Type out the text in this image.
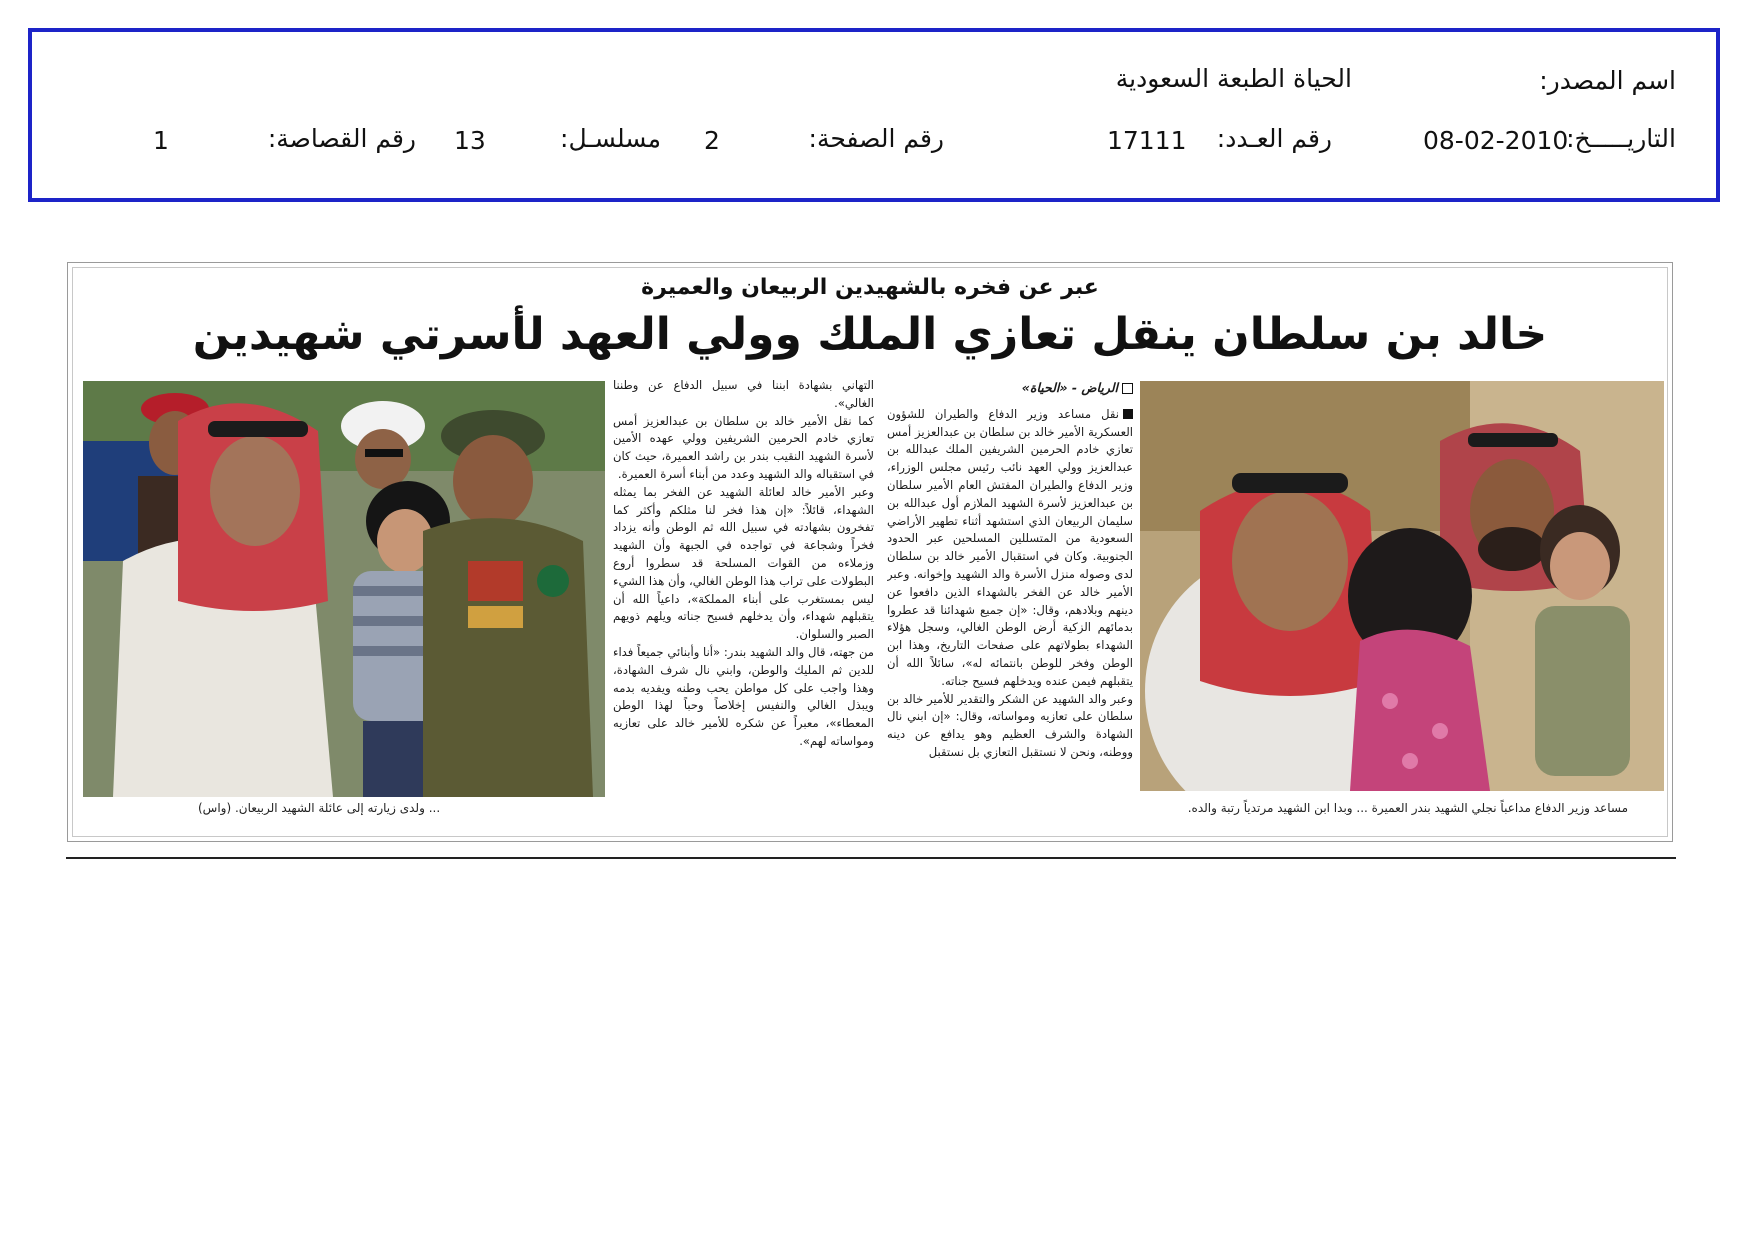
اسم المصدر:
الحياة الطبعة السعودية
التاريـــــخ:
08-02-2010
رقم العـدد:
17111
رقم الصفحة:
2
مسلسـل:
13
رقم القصاصة:
1
عبر عن فخره بالشهيدين الربيعان والعميرة
خالد بن سلطان ينقل تعازي الملك وولي العهد لأسرتي شهيدين
مساعد وزير الدفاع مداعباً نجلي الشهيد بندر العميرة ... وبدا ابن الشهيد مرتدياً رتبة والده.

الرياض - «الحياة»

نقل مساعد وزير الدفاع والطيران للشؤون العسكرية الأمير خالد بن سلطان بن عبدالعزيز أمس تعازي خادم الحرمين الشريفين الملك عبدالله بن عبدالعزيز وولي العهد نائب رئيس مجلس الوزراء، وزير الدفاع والطيران المفتش العام الأمير سلطان بن عبدالعزيز لأسرة الشهيد الملازم أول عبدالله بن سليمان الربيعان الذي استشهد أثناء تطهير الأراضي السعودية من المتسللين المسلحين عبر الحدود الجنوبية. وكان في استقبال الأمير خالد بن سلطان لدى وصوله منزل الأسرة والد الشهيد وإخوانه. وعبر الأمير خالد عن الفخر بالشهداء الذين دافعوا عن دينهم وبلادهم، وقال: «إن جميع شهدائنا قد عطروا بدمائهم الزكية أرض الوطن الغالي، وسجل هؤلاء الشهداء بطولاتهم على صفحات التاريخ، وهذا ابن الوطن وفخر للوطن بانتمائه له»، سائلاً الله أن يتقبلهم فيمن عنده ويدخلهم فسيح جناته.

وعبر والد الشهيد عن الشكر والتقدير للأمير خالد بن سلطان على تعازيه ومواساته، وقال: «إن ابني نال الشهادة والشرف العظيم وهو يدافع عن دينه ووطنه، ونحن لا نستقبل التعازي بل نستقبل

التهاني بشهادة ابننا في سبيل الدفاع عن وطننا الغالي».

كما نقل الأمير خالد بن سلطان بن عبدالعزيز أمس تعازي خادم الحرمين الشريفين وولي عهده الأمين لأسرة الشهيد النقيب بندر بن راشد العميرة، حيث كان في استقباله والد الشهيد وعدد من أبناء أسرة العميرة.

وعبر الأمير خالد لعائلة الشهيد عن الفخر بما يمثله الشهداء، قائلاً: «إن هذا فخر لنا مثلكم وأكثر كما تفخرون بشهادته في سبيل الله ثم الوطن وأنه يزداد فخراً وشجاعة في تواجده في الجبهة وأن الشهيد وزملاءه من القوات المسلحة قد سطروا أروع البطولات على تراب هذا الوطن الغالي، وأن هذا الشيء ليس بمستغرب على أبناء المملكة»، داعياً الله أن يتقبلهم شهداء، وأن يدخلهم فسيح جناته ويلهم ذويهم الصبر والسلوان.

من جهته، قال والد الشهيد بندر: «أنا وأبنائي جميعاً فداء للدين ثم المليك والوطن، وابني نال شرف الشهادة، وهذا واجب على كل مواطن يحب وطنه ويفديه بدمه ويبذل الغالي والنفيس إخلاصاً وحباً لهذا الوطن المعطاء»، معبراً عن شكره للأمير خالد على تعازيه ومواساته لهم».

... ولدى زيارته إلى عائلة الشهيد الربيعان. (واس)
